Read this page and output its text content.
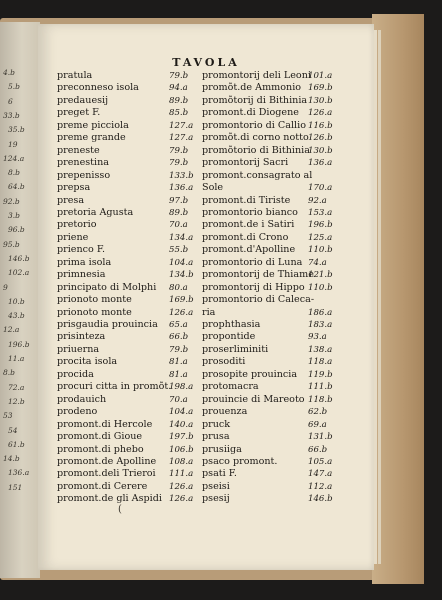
4.b
5.b
6
33.b
35.b
19
124.a
8.b
64.b
92.b
3.b
96.b
95.b
146.b
102.a
9
10.b
43.b
12.a
196.b
11.a
8.b
72.a
12.b
53
54
61.b
14.b
136.a
151
TAVOLA
pratula	79.b
preconneso isola	94.a
predauesij	89.b
preget F.	85.b
preme picciola	127.a
preme grande	127.a
preneste	79.b
prenestina	79.b
prepenisso	133.b
prepsa	136.a
presa	97.b
pretoria Agusta	89.b
pretorio	70.a
priene	134.a
prienco F.	55.b
prima isola	104.a
primnesia	134.b
principato di Molphi 80.a
prionoto monte	169.b
prionoto monte	126.a
prisgaudia prouincia 65.a
prisinteza	66.b
priuerna	79.b
procita isola	81.a
procida	81.a
procuri citta in promõt.
198.a
prodauich	70.a
prodeno	104.a
promont.di Hercole 140.a
promont.di Gioue	197.b
promont.di phebo	106.b
promont.de Apolline 108.a
promont.deli Trieroi 111.a
promont.di Cerere	126.a
promont.de gli Aspidi 126.a
promontorij deli Leoni
101.a
promõt.de Ammonio 169.b
promõtorij di Bithinia 130.b
promont.di Diogene 126.a
promontorio di Callio 116.b
promõt.di corno notto 126.b
promõtorio di Bithinia
130.b
promontorij Sacri 136.a
promont.consagrato al
Sole	170.a
promont.di Tiriste 92.a
promontorio bianco 153.a
promont.de i Satiri 196.b
promont.di Crono 125.a
promont.d'Apolline 110.b
promontorio di Luna 74.a
promontorij de Thiame
121.b
promontorij di Hippo 110.b
promontorio di Caleca-
ria	186.a
prophthasia	183.a
propontide	93.a
proserliminiti	138.a
prosoditi	118.a
prosopite prouincia 119.b
protomacra	111.b
prouincie di Mareoto 118.b
prouenza	62.b
pruck	69.a
prusa	131.b
prusiiga	66.b
psaco promont.	105.a
psati F.	147.a
pseisi	112.a
psesij	146.b
(
